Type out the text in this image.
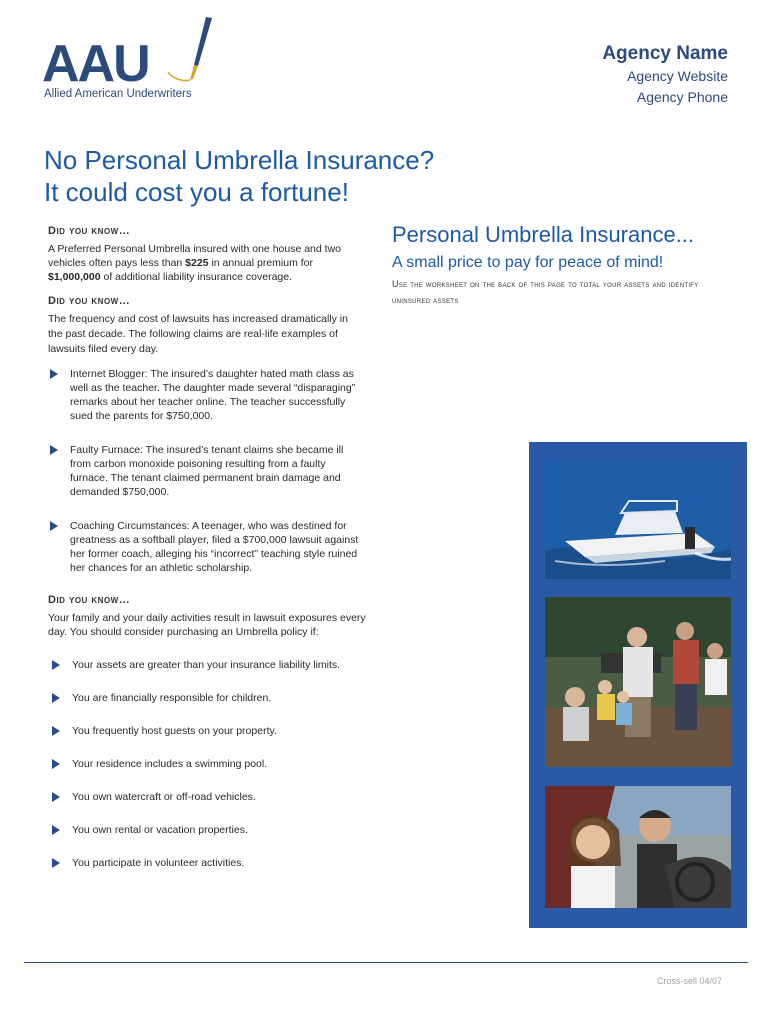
AAU
Allied American Underwriters
Agency Name
Agency Website
Agency Phone
No Personal Umbrella Insurance?
It could cost you a fortune!
Did you know…
A Preferred Personal Umbrella insured with one house and two vehicles often pays less than $225 in annual premium for $1,000,000 of additional liability insurance coverage.
Did you know…
The frequency and cost of lawsuits has increased dramatically in the past decade. The following claims are real-life examples of lawsuits filed every day.
Internet Blogger: The insured’s daughter hated math class as well as the teacher. The daughter made several “disparaging” remarks about her teacher online. The teacher successfully sued the parents for $750,000.
Faulty Furnace: The insured’s tenant claims she became ill from carbon monoxide poisoning resulting from a faulty furnace. The tenant claimed permanent brain damage and demanded $750,000.
Coaching Circumstances: A teenager, who was destined for greatness as a softball player, filed a $700,000 lawsuit against her former coach, alleging his “incorrect” teaching style ruined her chances for an athletic scholarship.
Did you know…
Your family and your daily activities result in lawsuit exposures every day. You should consider purchasing an Umbrella policy if:
Your assets are greater than your insurance liability limits.
You are financially responsible for children.
You frequently host guests on your property.
Your residence includes a swimming pool.
You own watercraft or off-road vehicles.
You own rental or vacation properties.
You participate in volunteer activities.
Personal Umbrella Insurance...
A small price to pay for peace of mind!
Use the worksheet on the back of this page to total your assets and identify uninsured assets
Cross-sell 04/07
